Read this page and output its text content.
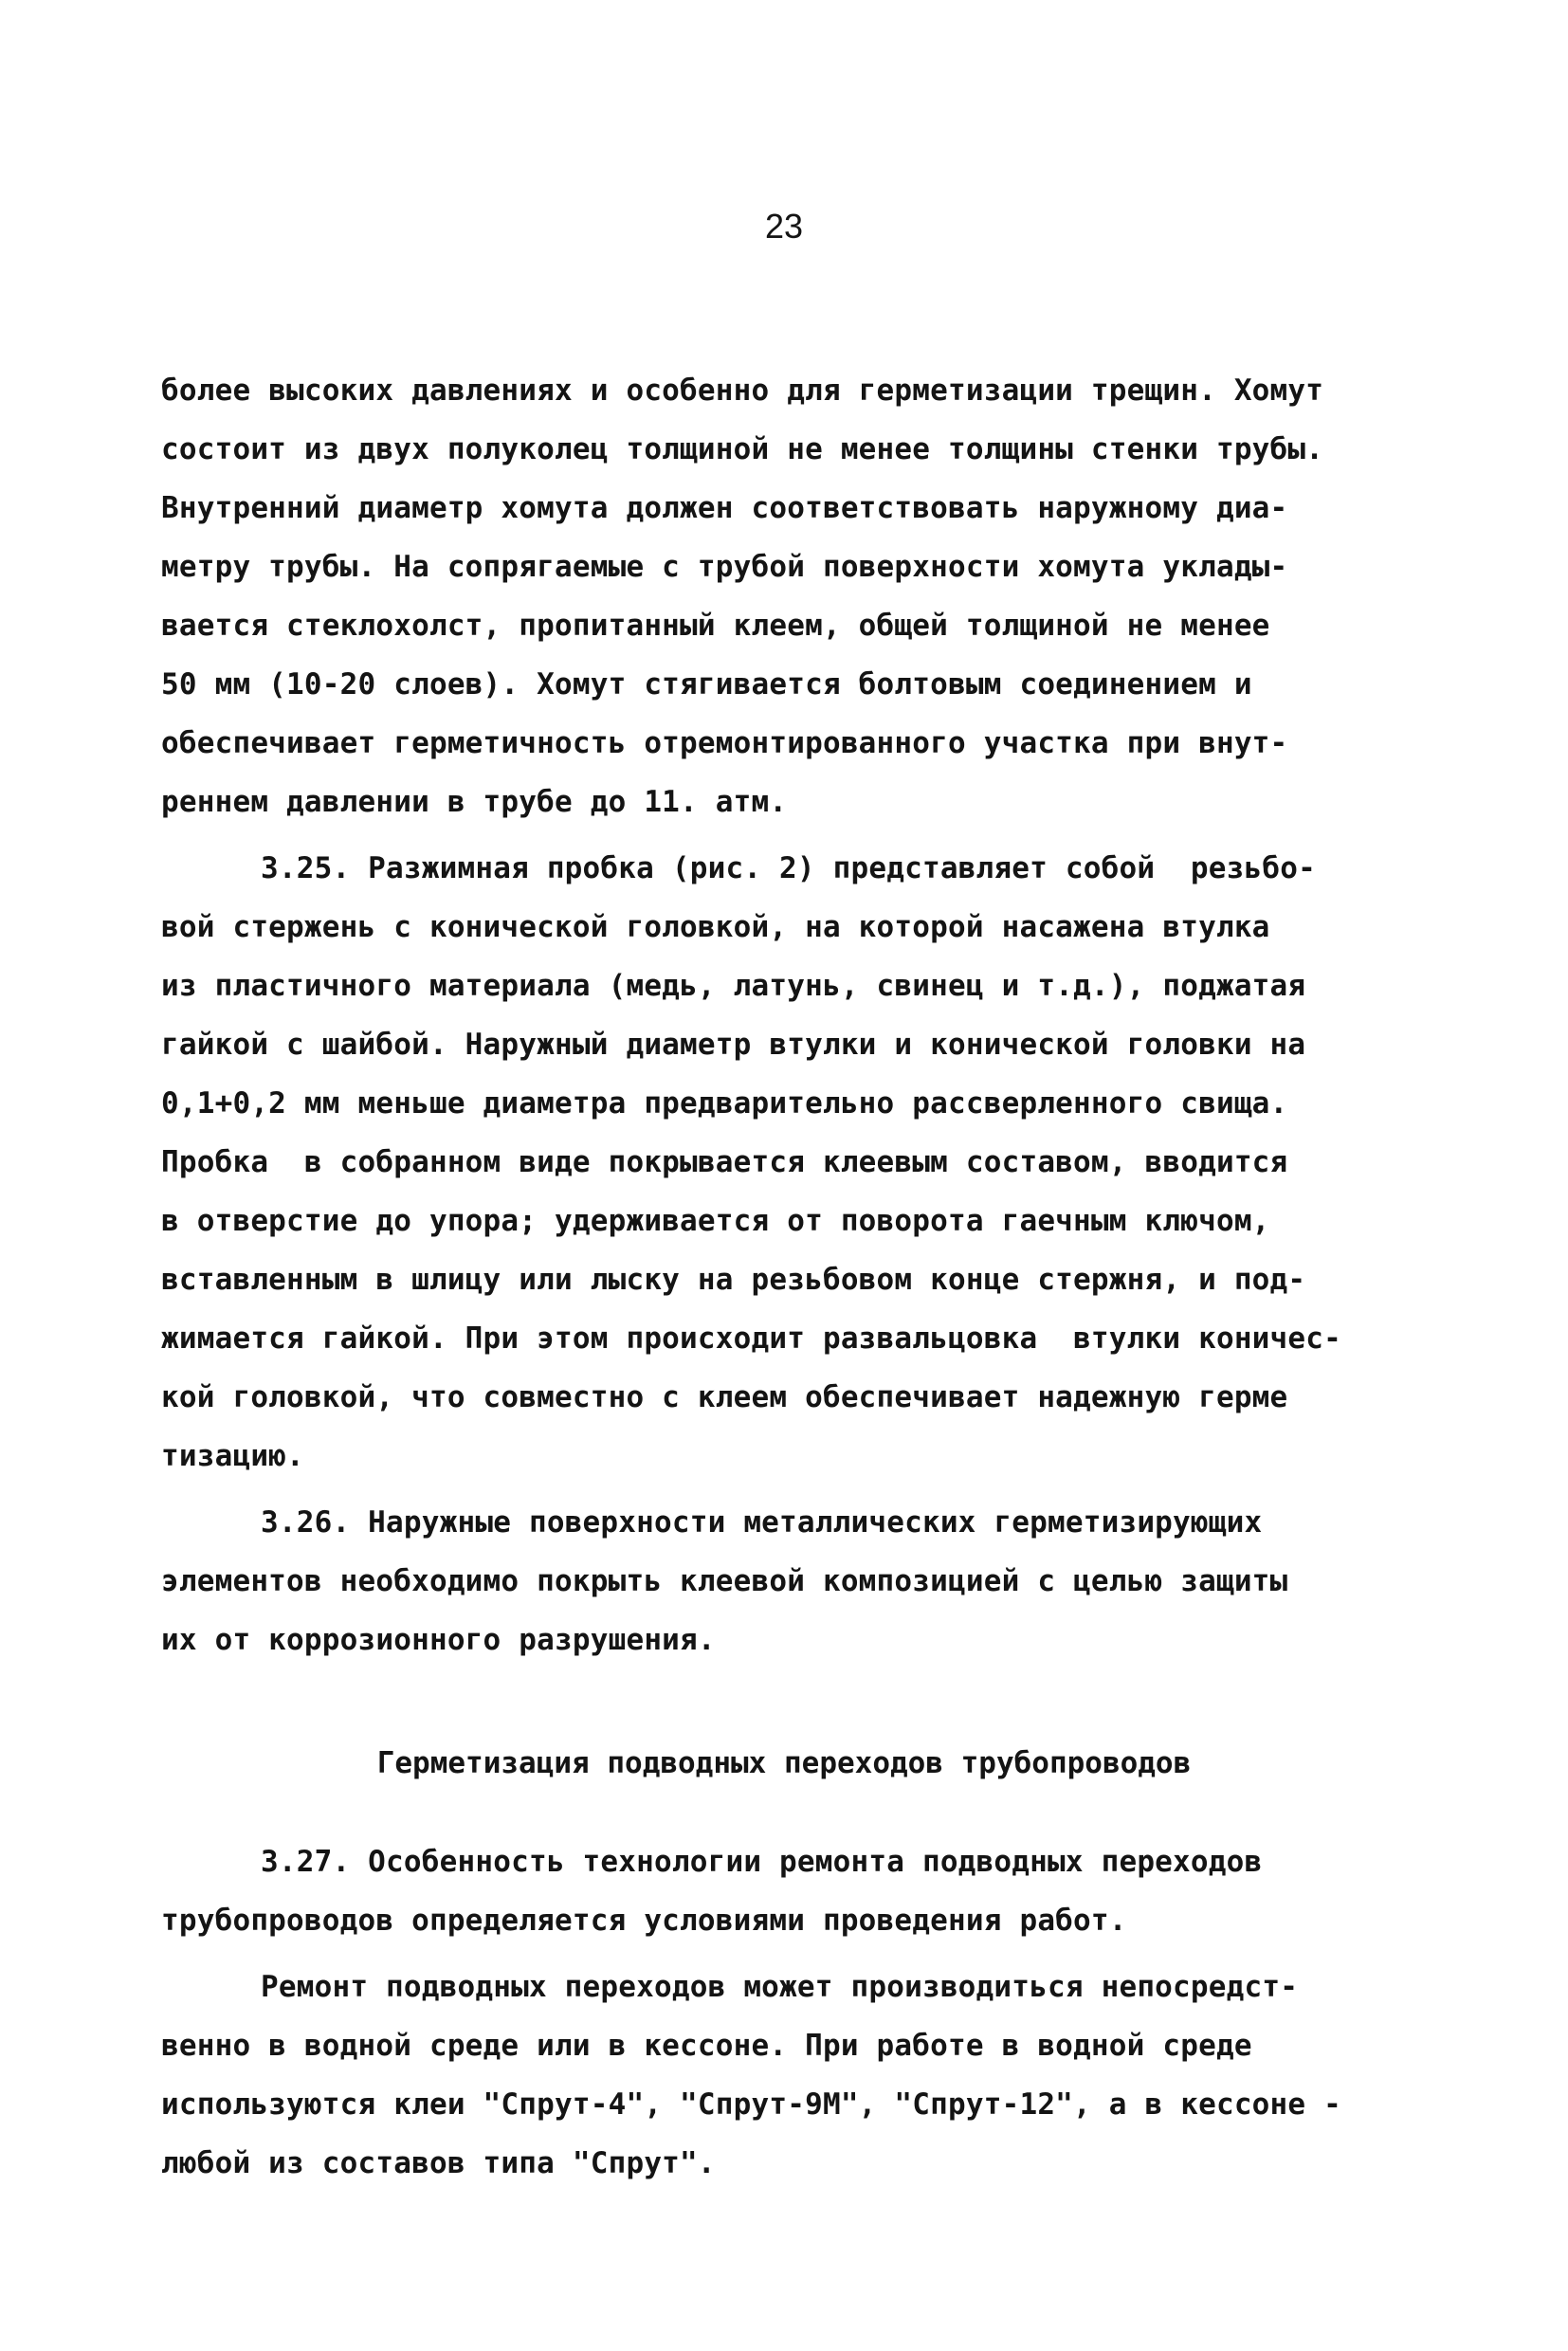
23
более высоких давлениях и особенно для герметизации трещин. Хомут
состоит из двух полуколец толщиной не менее толщины стенки трубы.
Внутренний диаметр хомута должен соответствовать наружному диа-
метру трубы. На сопрягаемые с трубой поверхности хомута уклады-
вается стеклохолст, пропитанный клеем, общей толщиной не менее
50 мм (10-20 слоев). Хомут стягивается болтовым соединением и
обеспечивает герметичность отремонтированного участка при внут-
реннем давлении в трубе до 11. атм.
3.25. Разжимная пробка (рис. 2) представляет собой  резьбо-
вой стержень с конической головкой, на которой насажена втулка
из пластичного материала (медь, латунь, свинец и т.д.), поджатая
гайкой с шайбой. Наружный диаметр втулки и конической головки на
0,1+0,2 мм меньше диаметра предварительно рассверленного свища.
Пробка  в собранном виде покрывается клеевым составом, вводится
в отверстие до упора; удерживается от поворота гаечным ключом,
вставленным в шлицу или лыску на резьбовом конце стержня, и под-
жимается гайкой. При этом происходит развальцовка  втулки коничес-
кой головкой, что совместно с клеем обеспечивает надежную герме
тизацию.
3.26. Наружные поверхности металлических герметизирующих
элементов необходимо покрыть клеевой композицией с целью защиты
их от коррозионного разрушения.
Герметизация подводных переходов трубопроводов
3.27. Особенность технологии ремонта подводных переходов
трубопроводов определяется условиями проведения работ.
Ремонт подводных переходов может производиться непосредст-
венно в водной среде или в кессоне. При работе в водной среде
используются клеи "Спрут-4", "Спрут-9М", "Спрут-12", а в кессоне -
любой из составов типа "Спрут".
